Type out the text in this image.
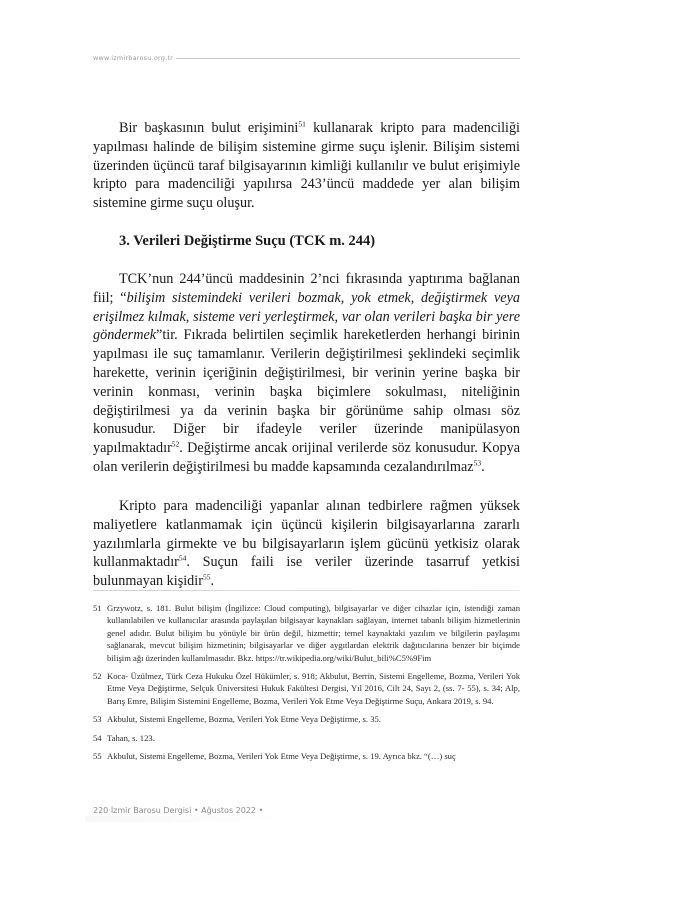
www.izmirbarosu.org.tr

Bir başkasının bulut erişimini$^{51}$ kullanarak kripto para madenciliği yapılması halinde de bilişim sistemine girme suçu işlenir. Bilişim sistemi üzerinden üçüncü taraf bilgisayarının kimliği kullanılır ve bulut erişimiyle kripto para madenciliği yapılırsa 243’üncü maddede yer alan bilişim sistemine girme suçu oluşur.

3. Verileri Değiştirme Suçu (TCK m. 244)

TCK’nun 244’üncü maddesinin 2’nci fıkrasında yaptırıma bağlanan fiil; “bilişim sistemindeki verileri bozmak, yok etmek, değiştirmek veya erişilmez kılmak, sisteme veri yerleştirmek, var olan verileri başka bir yere göndermek”tir. Fıkrada belirtilen seçimlik hareketlerden herhangi birinin yapılması ile suç tamamlanır. Verilerin değiştirilmesi şeklindeki seçimlik harekette, verinin içeriğinin değiştirilmesi, bir verinin yerine başka bir verinin konması, verinin başka biçimlere sokulması, niteliğinin değiştirilmesi ya da verinin başka bir görünüme sahip olması söz konusudur. Diğer bir ifadeyle veriler üzerinde manipülasyon yapılmaktadır$^{52}$. Değiştirme ancak orijinal verilerde söz konusudur. Kopya olan verilerin değiştirilmesi bu madde kapsamında cezalandırılmaz$^{53}$.

Kripto para madenciliği yapanlar alınan tedbirlere rağmen yüksek maliyetlere katlanmamak için üçüncü kişilerin bilgisayarlarına zararlı yazılımlarla girmekte ve bu bilgisayarların işlem gücünü yetkisiz olarak kullanmaktadır$^{54}$. Suçun faili ise veriler üzerinde tasarruf yetkisi bulunmayan kişidir$^{55}$.

51 Grzywotz, s. 181. Bulut bilişim (İngilizce: Cloud computing), bilgisayarlar ve diğer cihazlar için, istendiği zaman kullanılabilen ve kullanıcılar arasında paylaşılan bilgisayar kaynakları sağlayan, internet tabanlı bilişim hizmetlerinin genel adıdır. Bulut bilişim bu yönüyle bir ürün değil, hizmettir; temel kaynaktaki yazılım ve bilgilerin paylaşımı sağlanarak, mevcut bilişim hizmetinin; bilgisayarlar ve diğer aygıtlardan elektrik dağıtıcılarına benzer bir biçimde bilişim ağı üzerinden kullanılmasıdır. Bkz. https://tr.wikipedia.org/wiki/Bulut_bili%C5%9Fim
52 Koca- Üzülmez, Türk Ceza Hukuku Özel Hükümler, s. 918; Akbulut, Berrin, Sistemi Engelleme, Bozma, Verileri Yok Etme Veya Değiştirme, Selçuk Üniversitesi Hukuk Fakültesi Dergisi, Yıl 2016, Cilt 24, Sayı 2, (ss. 7- 55), s. 34; Alp, Barış Emre, Bilişim Sistemini Engelleme, Bozma, Verileri Yok Etme Veya Değiştirme Suçu, Ankara 2019, s. 94.
53 Akbulut, Sistemi Engelleme, Bozma, Verileri Yok Etme Veya Değiştirme, s. 35.
54 Tahan, s. 123.
55 Akbulut, Sistemi Engelleme, Bozma, Verileri Yok Etme Veya Değiştirme, s. 19. Ayrıca bkz. “(…) suç
220 İzmir Barosu Dergisi • Ağustos 2022 •
